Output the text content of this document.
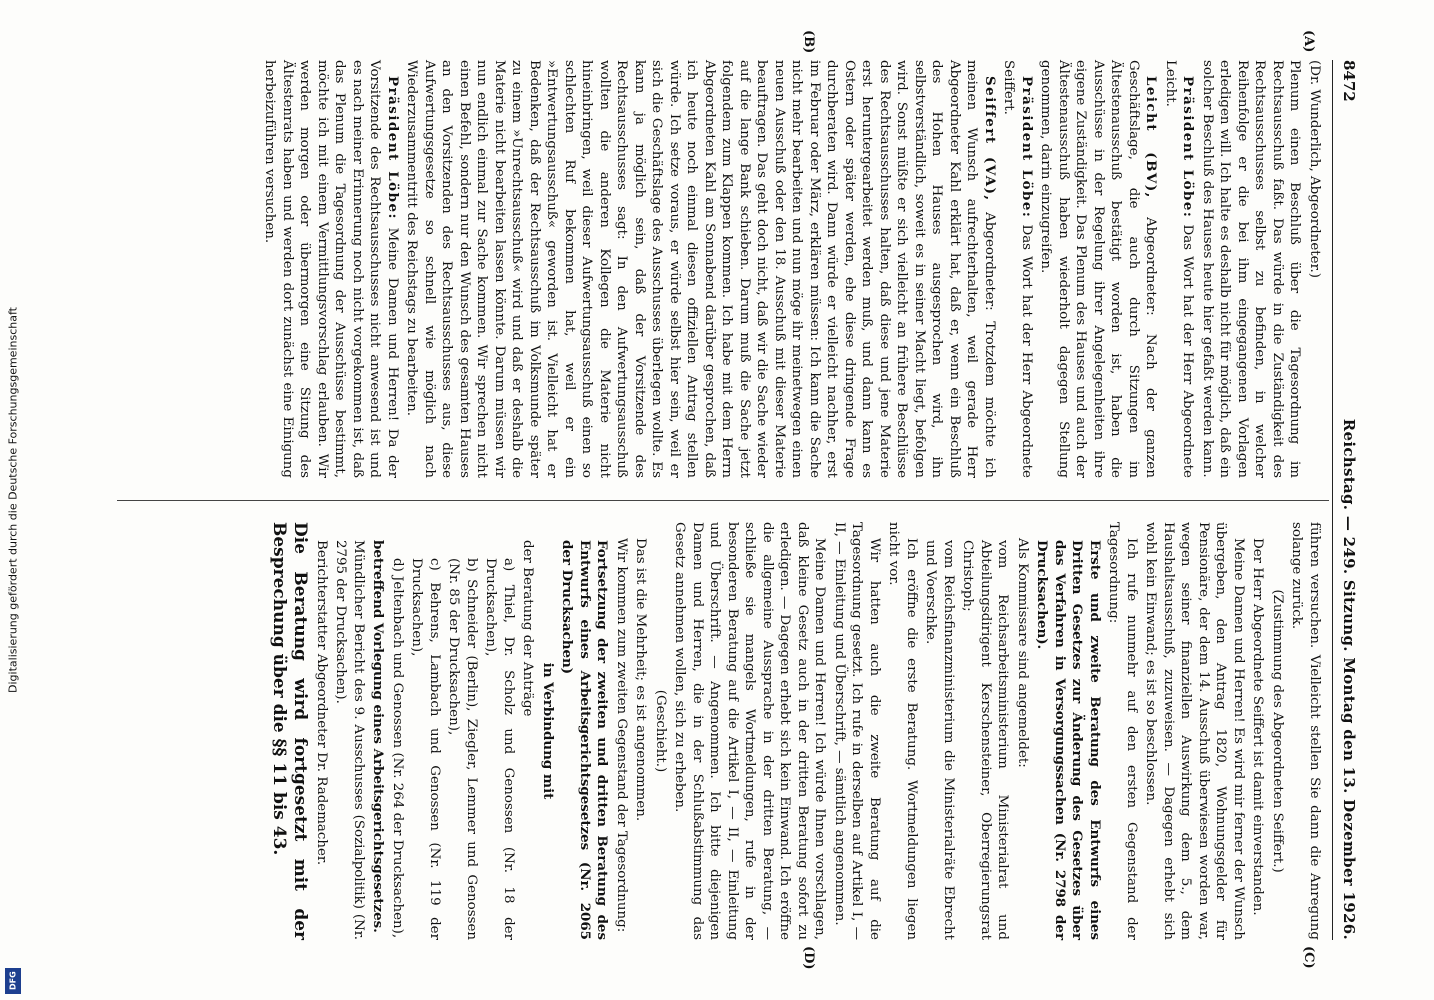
Digitalisierung gefördert durch die Deutsche Forschungsgemeinschaft
DFG
8472
Reichstag. — 249. Sitzung. Montag den 13. Dezember 1926.
(A)
(B)
(C)
(D)

(Dr. Wunderlich, Abgeordneter.)

Plenum einen Beschluß über die Tagesordnung im Rechtsausschuß faßt. Das würde in die Zuständigkeit des Rechtsausschusses selbst zu befinden, in welcher Reihenfolge er die bei ihm eingegangenen Vorlagen erledigen will. Ich halte es deshalb nicht für möglich, daß ein solcher Beschluß des Hauses heute hier gefaßt werden kann.

Präsident Löbe: Das Wort hat der Herr Abgeordnete Leicht.

Leicht (BV), Abgeordneter: Nach der ganzen Geschäftslage, die auch durch Sitzungen im Ältestenausschuß bestätigt worden ist, haben die Ausschüsse in der Regelung ihrer Angelegenheiten ihre eigene Zuständigkeit. Das Plenum des Hauses und auch der Ältestenausschuß haben wiederholt dagegen Stellung genommen, darin einzugreifen.

Präsident Löbe: Das Wort hat der Herr Abgeordnete Seiffert.

Seiffert (VA), Abgeordneter: Trotzdem möchte ich meinen Wunsch aufrechterhalten, weil gerade Herr Abgeordneter Kahl erklärt hat, daß er, wenn ein Beschluß des Hohen Hauses ausgesprochen wird, ihn selbstverständlich, soweit es in seiner Macht liegt, befolgen wird. Sonst müßte er sich vielleicht an frühere Beschlüsse des Rechtsausschusses halten, daß diese und jene Materie erst heruntergearbeitet werden muß, und dann kann es Ostern oder später werden, ehe diese dringende Frage durchberaten wird. Dann würde er vielleicht nachher, erst im Februar oder März, erklären müssen: Ich kann die Sache nicht mehr bearbeiten und nun möge ihr meinetwegen einen neuen Ausschuß oder den 18. Ausschuß mit dieser Materie beauftragen. Das geht doch nicht, daß wir die Sache wieder auf die lange Bank schieben. Darum muß die Sache jetzt folgendem zum Klappen kommen. Ich habe mit dem Herrn Abgeordneten Kahl am Sonnabend darüber gesprochen, daß ich heute noch einmal diesen offiziellen Antrag stellen würde. Ich setze voraus, er würde selbst hier sein, weil er sich die Geschäftslage des Ausschusses überlegen wollte. Es kann ja möglich sein, daß der Vorsitzende des Rechtsausschusses sagt: In den Aufwertungsausschuß wollten die anderen Kollegen die Materie nicht hineinbringen, weil dieser Aufwertungsausschuß einen so schlechten Ruf bekommen hat, weil er ein »Entwertungsausschuß« geworden ist. Vielleicht hat er Bedenken, daß der Rechtsausschuß im Volksmunde später zu einem »Unrechtsausschuß« wird und daß er deshalb die Materie nicht bearbeiten lassen könnte. Darum müssen wir nun endlich einmal zur Sache kommen. Wir sprechen nicht einen Befehl, sondern nur den Wunsch des gesamten Hauses an den Vorsitzenden des Rechtsausschusses aus, diese Aufwertungsgesetze so schnell wie möglich nach Wiederzusammentritt des Reichstags zu bearbeiten.

Präsident Löbe: Meine Damen und Herren! Da der Vorsitzende des Rechtsausschusses nicht anwesend ist und es nach meiner Erinnerung noch nicht vorgekommen ist, daß das Plenum die Tagesordnung der Ausschüsse bestimmt, möchte ich mit einem Vermittlungsvorschlag erlauben. Wir werden morgen oder übermorgen eine Sitzung des Ältestenrats haben und werden dort zunächst eine Einigung herbeizuführen versuchen.

führen versuchen. Vielleicht stellen Sie dann die Anregung solange zurück.

(Zustimmung des Abgeordneten Seiffert.)

Der Herr Abgeordnete Seiffert ist damit einverstanden.

Meine Damen und Herren! Es wird mir ferner der Wunsch übergeben, den Antrag 1820, Wohnungsgelder für Pensionäre, der dem 14. Ausschuß überwiesen worden war, wegen seiner finanziellen Auswirkung dem 5., dem Haushaltsausschuß, zuzuweisen. — Dagegen erhebt sich wohl kein Einwand; es ist so beschlossen.

Ich rufe nunmehr auf den ersten Gegenstand der Tagesordnung:

Erste und zweite Beratung des Entwurfs eines Dritten Gesetzes zur Änderung des Gesetzes über das Verfahren in Versorgungssachen (Nr. 2798 der Drucksachen).

Als Kommissare sind angemeldet:

vom Reichsarbeitsministerium Ministerialrat und Abteilungsdirigent Kerschensteiner, Oberregierungsrat Christoph;

vom Reichsfinanzministerium die Ministerialräte Ebrecht und Voerschke.

Ich eröffne die erste Beratung. Wortmeldungen liegen nicht vor.

Wir hatten auch die zweite Beratung auf die Tagesordnung gesetzt. Ich rufe in derselben auf Artikel I, — II, — Einleitung und Überschrift, — sämtlich angenommen.

Meine Damen und Herren! Ich würde Ihnen vorschlagen, daß kleine Gesetz auch in der dritten Beratung sofort zu erledigen. — Dagegen erhebt sich kein Einwand. Ich eröffne die allgemeine Aussprache in der dritten Beratung, — schließe sie mangels Wortmeldungen, rufe in der besonderen Beratung auf die Artikel I, — II, — Einleitung und Überschrift. — Angenommen. Ich bitte diejenigen Damen und Herren, die in der Schlußabstimmung das Gesetz annehmen wollen, sich zu erheben.

(Geschieht.)

Das ist die Mehrheit; es ist angenommen.

Wir kommen zum zweiten Gegenstand der Tagesordnung:

Fortsetzung der zweiten und dritten Beratung des Entwurfs eines Arbeitsgerichtsgesetzes (Nr. 2065 der Drucksachen)

in Verbindung mit

der Beratung der Anträge

a) Thiel, Dr. Scholz und Genossen (Nr. 18 der Drucksachen),

b) Schneider (Berlin), Ziegler, Lemmer und Genossen (Nr. 85 der Drucksachen),

c) Behrens, Lambach und Genossen (Nr. 119 der Drucksachen),

d) Jeltenbach und Genossen (Nr. 264 der Drucksachen),

betreffend Vorlegung eines Arbeitsgerichtsgesetzes.

Mündlicher Bericht des 9. Ausschusses (Sozialpolitik) (Nr. 2795 der Drucksachen).

Berichterstatter Abgeordneter Dr. Rademacher.

Die Beratung wird fortgesetzt mit der Besprechung über die §§ 11 bis 43.
